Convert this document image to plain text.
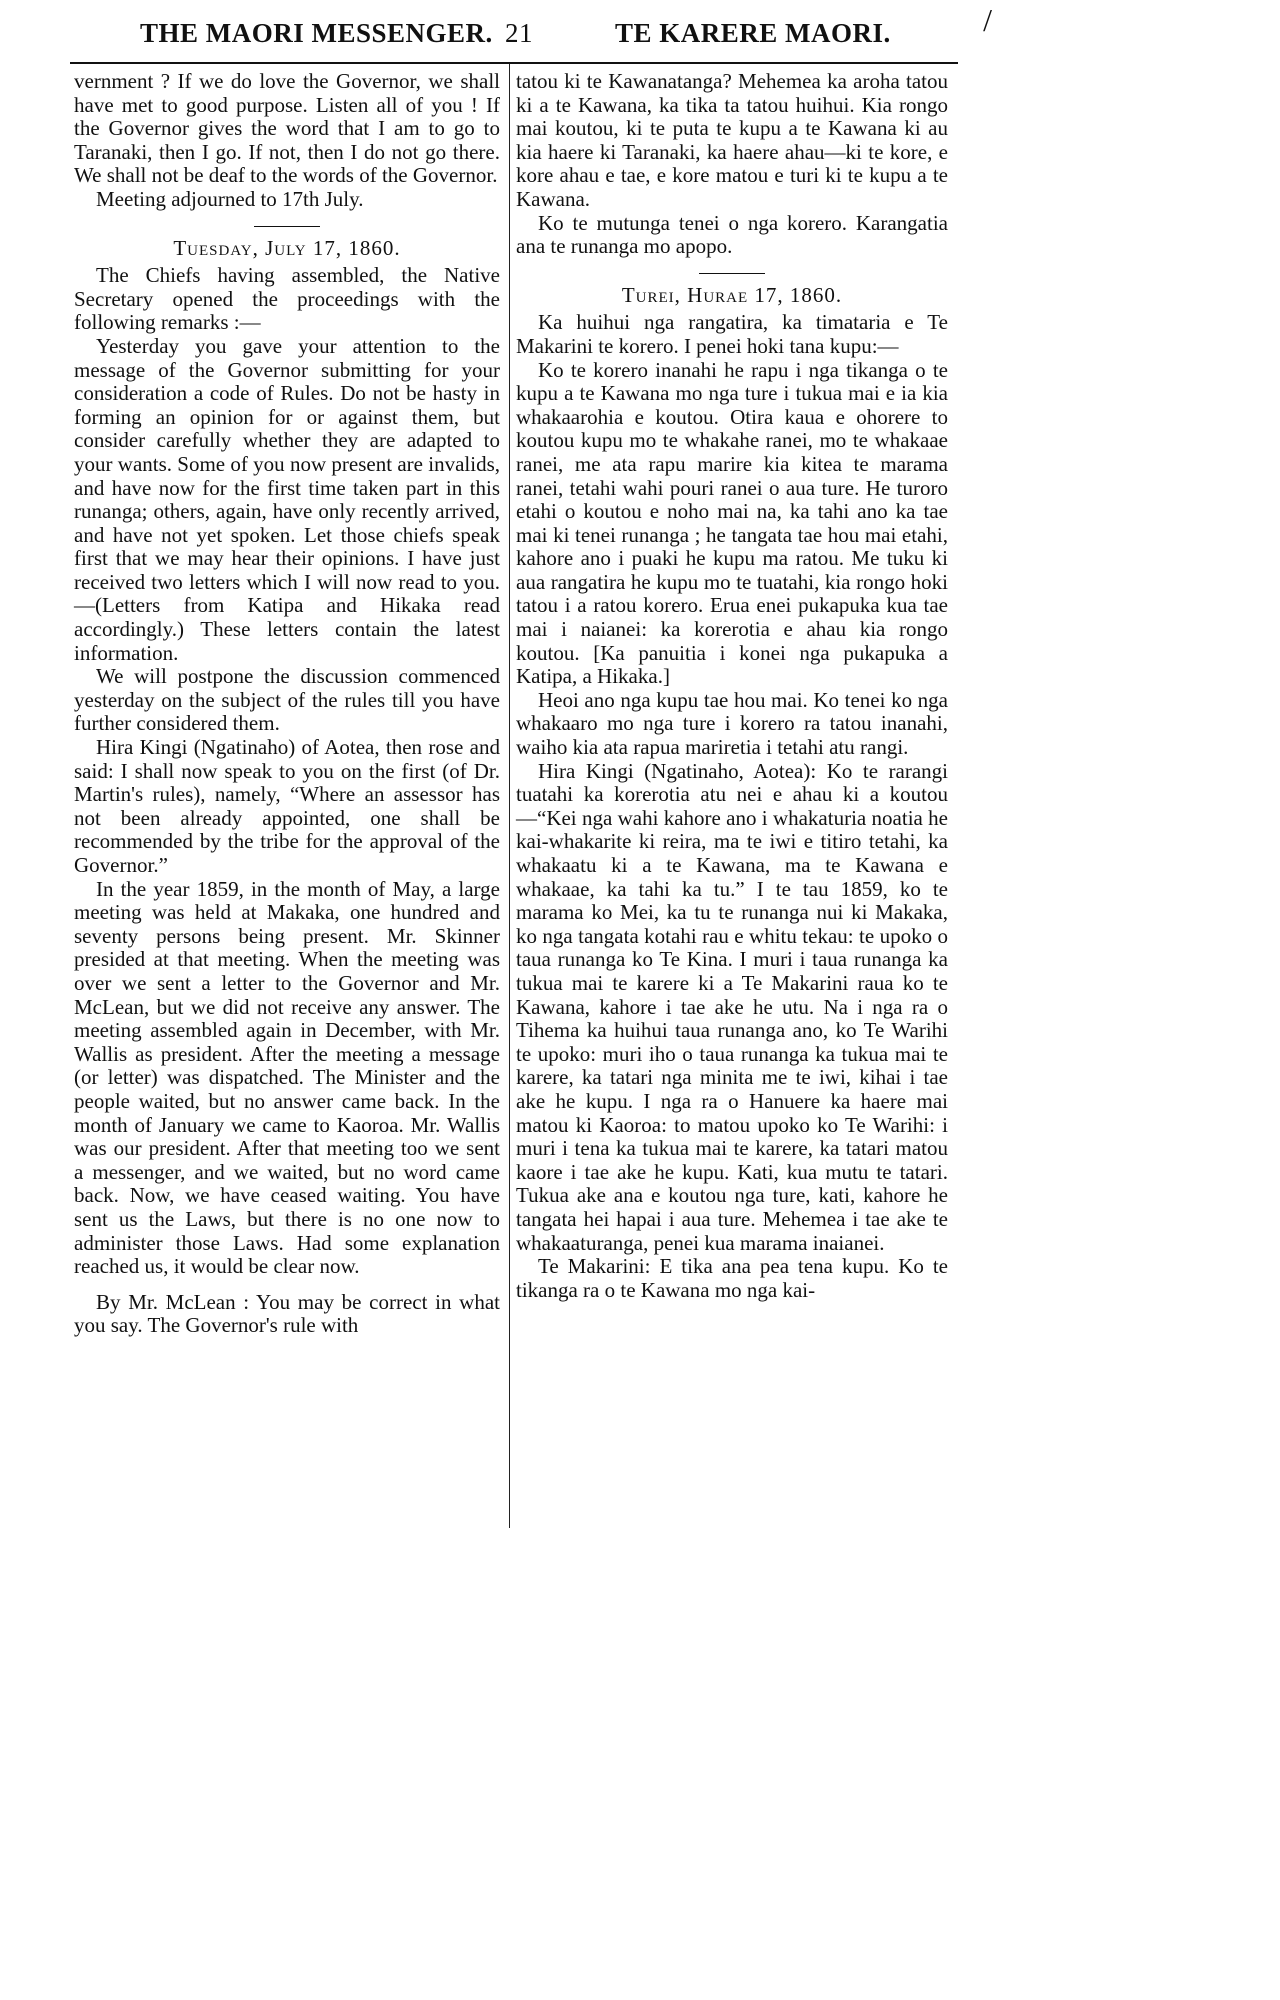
THE MAORI MESSENGER. 21	TE KARERE MAORI.	/

vernment ? If we do love the Governor, we shall have met to good purpose. Listen all of you ! If the Governor gives the word that I am to go to Taranaki, then I go. If not, then I do not go there. We shall not be deaf to the words of the Governor.

Meeting adjourned to 17th July.

Tuesday, July 17, 1860.

The Chiefs having assembled, the Native Secretary opened the proceedings with the following remarks :—

Yesterday you gave your attention to the message of the Governor submitting for your consideration a code of Rules. Do not be hasty in forming an opinion for or against them, but consider carefully whether they are adapted to your wants. Some of you now present are invalids, and have now for the first time taken part in this runanga; others, again, have only recently arrived, and have not yet spoken. Let those chiefs speak first that we may hear their opinions. I have just received two letters which I will now read to you.—(Letters from Katipa and Hikaka read accordingly.) These letters contain the latest information.

We will postpone the discussion commenced yesterday on the subject of the rules till you have further considered them.

Hira Kingi (Ngatinaho) of Aotea, then rose and said: I shall now speak to you on the first (of Dr. Martin's rules), namely, “Where an assessor has not been already appointed, one shall be recommended by the tribe for the approval of the Governor.”

In the year 1859, in the month of May, a large meeting was held at Makaka, one hundred and seventy persons being present. Mr. Skinner presided at that meeting. When the meeting was over we sent a letter to the Governor and Mr. McLean, but we did not receive any answer. The meeting assembled again in December, with Mr. Wallis as president. After the meeting a message (or letter) was dispatched. The Minister and the people waited, but no answer came back. In the month of January we came to Kaoroa. Mr. Wallis was our president. After that meeting too we sent a messenger, and we waited, but no word came back. Now, we have ceased waiting. You have sent us the Laws, but there is no one now to administer those Laws. Had some explanation reached us, it would be clear now.

By Mr. McLean : You may be correct in what you say. The Governor's rule with

tatou ki te Kawanatanga? Mehemea ka aroha tatou ki a te Kawana, ka tika ta tatou huihui. Kia rongo mai koutou, ki te puta te kupu a te Kawana ki au kia haere ki Taranaki, ka haere ahau—ki te kore, e kore ahau e tae, e kore matou e turi ki te kupu a te Kawana.

Ko te mutunga tenei o nga korero. Karangatia ana te runanga mo apopo.

Turei, Hurae 17, 1860.

Ka huihui nga rangatira, ka timataria e Te Makarini te korero. I penei hoki tana kupu:—

Ko te korero inanahi he rapu i nga tikanga o te kupu a te Kawana mo nga ture i tukua mai e ia kia whakaarohia e koutou. Otira kaua e ohorere to koutou kupu mo te whakahe ranei, mo te whakaae ranei, me ata rapu marire kia kitea te marama ranei, tetahi wahi pouri ranei o aua ture. He turoro etahi o koutou e noho mai na, ka tahi ano ka tae mai ki tenei runanga ; he tangata tae hou mai etahi, kahore ano i puaki he kupu ma ratou. Me tuku ki aua rangatira he kupu mo te tuatahi, kia rongo hoki tatou i a ratou korero. Erua enei pukapuka kua tae mai i naianei: ka korerotia e ahau kia rongo koutou. [Ka panuitia i konei nga pukapuka a Katipa, a Hikaka.]

Heoi ano nga kupu tae hou mai. Ko tenei ko nga whakaaro mo nga ture i korero ra tatou inanahi, waiho kia ata rapua mariretia i tetahi atu rangi.

Hira Kingi (Ngatinaho, Aotea): Ko te rarangi tuatahi ka korerotia atu nei e ahau ki a koutou—“Kei nga wahi kahore ano i whakaturia noatia he kai-whakarite ki reira, ma te iwi e titiro tetahi, ka whakaatu ki a te Kawana, ma te Kawana e whakaae, ka tahi ka tu.” I te tau 1859, ko te marama ko Mei, ka tu te runanga nui ki Makaka, ko nga tangata kotahi rau e whitu tekau: te upoko o taua runanga ko Te Kina. I muri i taua runanga ka tukua mai te karere ki a Te Makarini raua ko te Kawana, kahore i tae ake he utu. Na i nga ra o Tihema ka huihui taua runanga ano, ko Te Warihi te upoko: muri iho o taua runanga ka tukua mai te karere, ka tatari nga minita me te iwi, kihai i tae ake he kupu. I nga ra o Hanuere ka haere mai matou ki Kaoroa: to matou upoko ko Te Warihi: i muri i tena ka tukua mai te karere, ka tatari matou kaore i tae ake he kupu. Kati, kua mutu te tatari. Tukua ake ana e koutou nga ture, kati, kahore he tangata hei hapai i aua ture. Mehemea i tae ake te whakaaturanga, penei kua marama inaianei.

Te Makarini: E tika ana pea tena kupu. Ko te tikanga ra o te Kawana mo nga kai-
